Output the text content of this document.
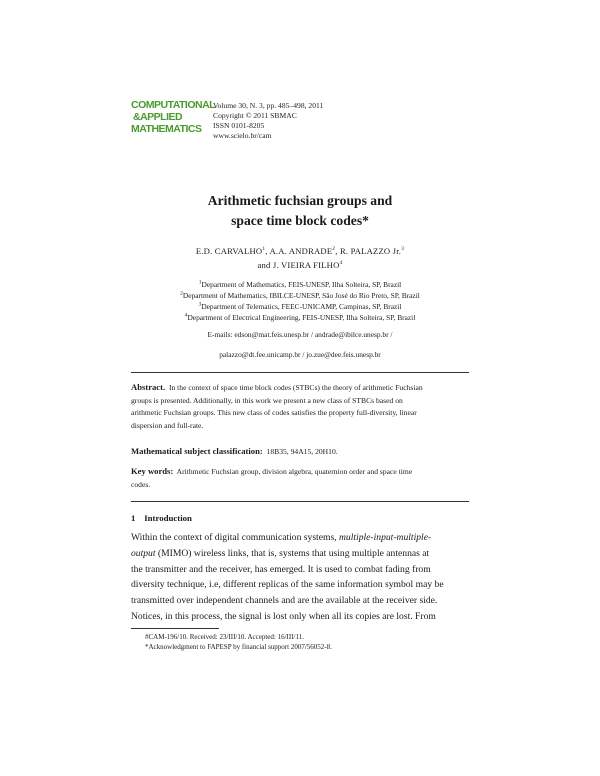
COMPUTATIONAL
&APPLIED
MATHEMATICS
Volume 30, N. 3, pp. 485–498, 2011
Copyright © 2011 SBMAC
ISSN 0101-8205
www.scielo.br/cam
Arithmetic fuchsian groups and
space time block codes*
E.D. CARVALHO$^1$, A.A. ANDRADE$^2$, R. PALAZZO Jr.$^3$
and J. VIEIRA FILHO$^4$
$^1$Department of Mathematics, FEIS-UNESP, Ilha Solteira, SP, Brazil
$^2$Department of Mathematics, IBILCE-UNESP, São José do Rio Preto, SP, Brazil
$^3$Department of Telematics, FEEC-UNICAMP, Campinas, SP, Brazil
$^4$Department of Electrical Engineering, FEIS-UNESP, Ilha Solteira, SP, Brazil
E-mails: edson@mat.feis.unesp.br / andrade@ibilce.unesp.br /
palazzo@dt.fee.unicamp.br / jo.zue@dee.feis.unesp.br
Abstract. In the context of space time block codes (STBCs) the theory of arithmetic Fuchsian
groups is presented. Additionally, in this work we present a new class of STBCs based on
arithmetic Fuchsian groups. This new class of codes satisfies the property full-diversity, linear
dispersion and full-rate.
Mathematical subject classification: 18B35, 94A15, 20H10.
Key words: Arithmetic Fuchsian group, division algebra, quaternion order and space time
codes.
1 Introduction
Within the context of digital communication systems, multiple-input-multiple-
output (MIMO) wireless links, that is, systems that using multiple antennas at
the transmitter and the receiver, has emerged. It is used to combat fading from
diversity technique, i.e, different replicas of the same information symbol may be
transmitted over independent channels and are the available at the receiver side.
Notices, in this process, the signal is lost only when all its copies are lost. From
#CAM-196/10. Received: 23/III/10. Accepted: 16/III/11.
*Acknowledgment to FAPESP by financial support 2007/56052-8.
